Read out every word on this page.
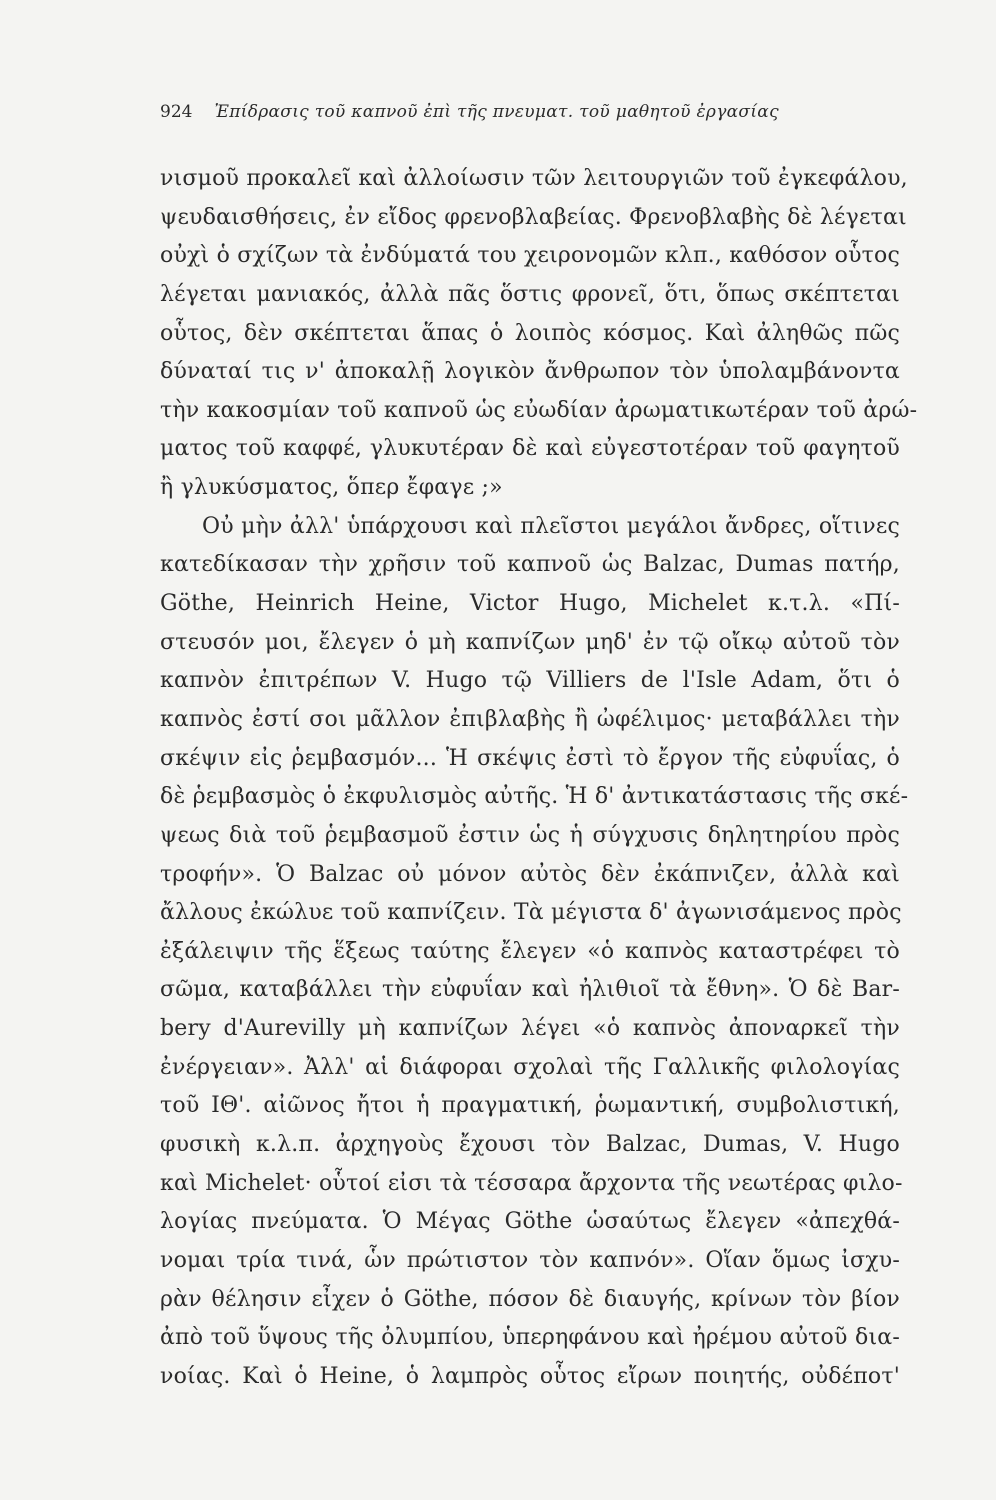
924 Ἐπίδρασις τοῦ καπνοῦ ἐπὶ τῆς πνευματ. τοῦ μαθητοῦ ἐργασίας
νισμοῦ προκαλεῖ καὶ ἀλλοίωσιν τῶν λειτουργιῶν τοῦ ἐγκεφάλου,
ψευδαισθήσεις, ἐν εἴδος φρενοβλαβείας. Φρενοβλαβὴς δὲ λέγεται
οὐχὶ ὁ σχίζων τὰ ἐνδύματά του χειρονομῶν κλπ., καθόσον οὗτος
λέγεται μανιακός, ἀλλὰ πᾶς ὅστις φρονεῖ, ὅτι, ὅπως σκέπτεται
οὗτος, δὲν σκέπτεται ἅπας ὁ λοιπὸς κόσμος. Καὶ ἀληθῶς πῶς
δύναταί τις ν' ἀποκαλῇ λογικὸν ἄνθρωπον τὸν ὑπολαμβάνοντα
τὴν κακοσμίαν τοῦ καπνοῦ ὡς εὐωδίαν ἀρωματικωτέραν τοῦ ἀρώ-
ματος τοῦ καφφέ, γλυκυτέραν δὲ καὶ εὐγεστοτέραν τοῦ φαγητοῦ
ἢ γλυκύσματος, ὅπερ ἔφαγε ;»
Οὐ μὴν ἀλλ' ὑπάρχουσι καὶ πλεῖστοι μεγάλοι ἄνδρες, οἵτινες
κατεδίκασαν τὴν χρῆσιν τοῦ καπνοῦ ὡς Balzac, Dumas πατήρ,
Göthe, Heinrich Heine, Victor Hugo, Michelet κ.τ.λ. «Πί-
στευσόν μοι, ἔλεγεν ὁ μὴ καπνίζων μηδ' ἐν τῷ οἴκῳ αὐτοῦ τὸν
καπνὸν ἐπιτρέπων V. Hugo τῷ Villiers de l'Isle Adam, ὅτι ὁ
καπνὸς ἐστί σοι μᾶλλον ἐπιβλαβὴς ἢ ὠφέλιμος· μεταβάλλει τὴν
σκέψιν εἰς ῥεμβασμόν... Ἡ σκέψις ἐστὶ τὸ ἔργον τῆς εὐφυΐας, ὁ
δὲ ῥεμβασμὸς ὁ ἐκφυλισμὸς αὐτῆς. Ἡ δ' ἀντικατάστασις τῆς σκέ-
ψεως διὰ τοῦ ῥεμβασμοῦ ἐστιν ὡς ἡ σύγχυσις δηλητηρίου πρὸς
τροφήν». Ὁ Balzac οὐ μόνον αὐτὸς δὲν ἐκάπνιζεν, ἀλλὰ καὶ
ἄλλους ἐκώλυε τοῦ καπνίζειν. Τὰ μέγιστα δ' ἀγωνισάμενος πρὸς
ἐξάλειψιν τῆς ἕξεως ταύτης ἔλεγεν «ὁ καπνὸς καταστρέφει τὸ
σῶμα, καταβάλλει τὴν εὐφυΐαν καὶ ἠλιθιοῖ τὰ ἔθνη». Ὁ δὲ Bar-
bery d'Aurevilly μὴ καπνίζων λέγει «ὁ καπνὸς ἀποναρκεῖ τὴν
ἐνέργειαν». Ἀλλ' αἱ διάφοραι σχολαὶ τῆς Γαλλικῆς φιλολογίας
τοῦ ΙΘ'. αἰῶνος ἤτοι ἡ πραγματική, ῥωμαντική, συμβολιστική,
φυσικὴ κ.λ.π. ἀρχηγοὺς ἔχουσι τὸν Balzac, Dumas, V. Hugo
καὶ Michelet· οὗτοί εἰσι τὰ τέσσαρα ἄρχοντα τῆς νεωτέρας φιλο-
λογίας πνεύματα. Ὁ Μέγας Göthe ὡσαύτως ἔλεγεν «ἀπεχθά-
νομαι τρία τινά, ὧν πρώτιστον τὸν καπνόν». Οἵαν ὅμως ἰσχυ-
ρὰν θέλησιν εἶχεν ὁ Göthe, πόσον δὲ διαυγής, κρίνων τὸν βίον
ἀπὸ τοῦ ὕψους τῆς ὀλυμπίου, ὑπερηφάνου καὶ ἠρέμου αὐτοῦ δια-
νοίας. Καὶ ὁ Heine, ὁ λαμπρὸς οὗτος εἴρων ποιητής, οὐδέποτ'
